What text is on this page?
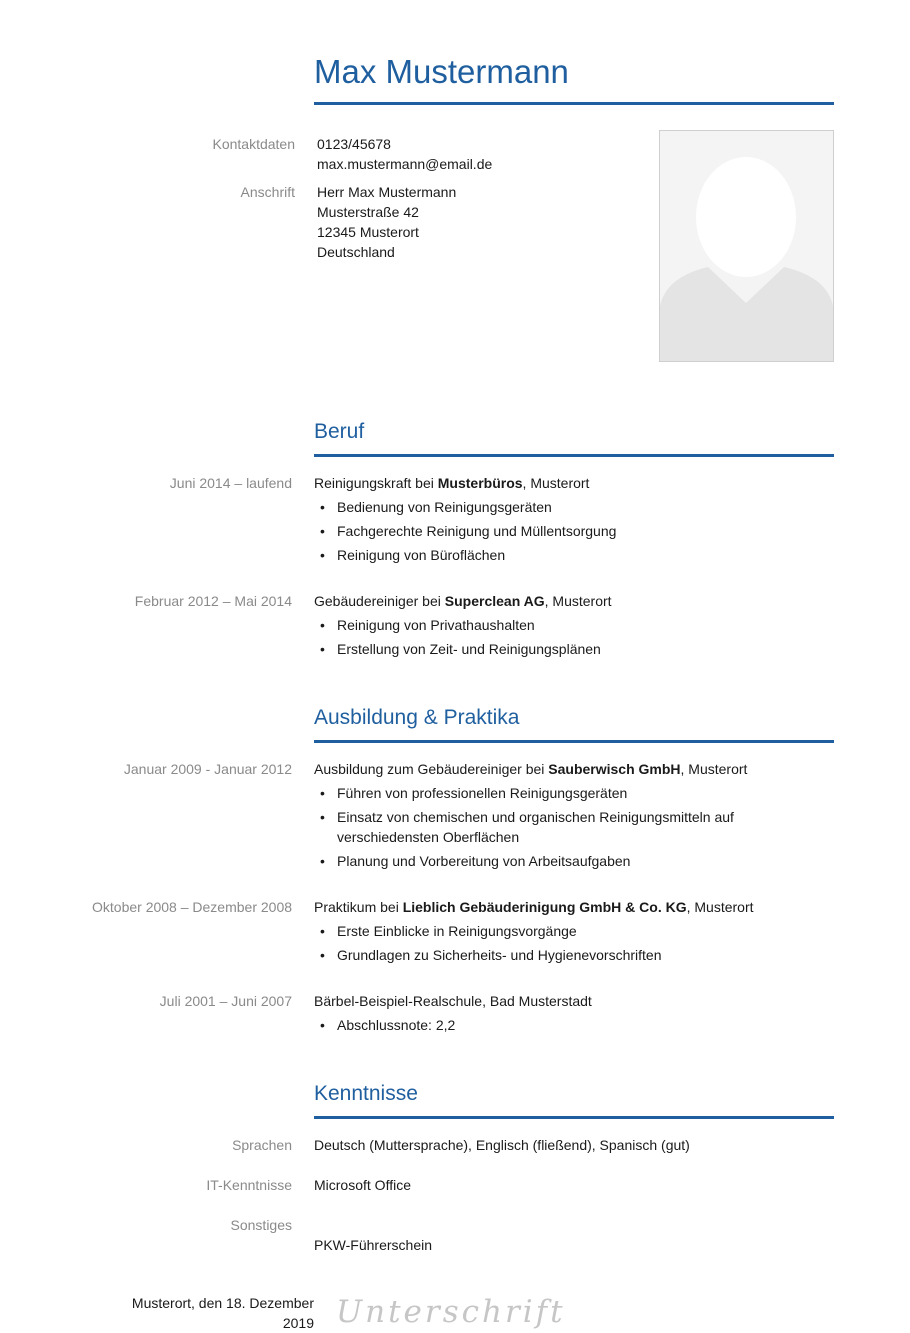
Max Mustermann
Kontaktdaten 0123/45678
max.mustermann@email.de
Anschrift Herr Max Mustermann
Musterstraße 42
12345 Musterort
Deutschland
Beruf
Juni 2014 – laufend Reinigungskraft bei Musterbüros, Musterort
• Bedienung von Reinigungsgeräten
• Fachgerechte Reinigung und Müllentsorgung
• Reinigung von Büroflächen
Februar 2012 – Mai 2014 Gebäudereiniger bei Superclean AG, Musterort
• Reinigung von Privathaushalten
• Erstellung von Zeit- und Reinigungsplänen
Ausbildung & Praktika
Januar 2009 - Januar 2012 Ausbildung zum Gebäudereiniger bei Sauberwisch GmbH, Musterort
• Führen von professionellen Reinigungsgeräten
• Einsatz von chemischen und organischen Reinigungsmitteln auf verschiedensten Oberflächen
• Planung und Vorbereitung von Arbeitsaufgaben
Oktober 2008 – Dezember 2008 Praktikum bei Lieblich Gebäuderinigung GmbH & Co. KG, Musterort
• Erste Einblicke in Reinigungsvorgänge
• Grundlagen zu Sicherheits- und Hygienevorschriften
Juli 2001 – Juni 2007 Bärbel-Beispiel-Realschule, Bad Musterstadt
• Abschlussnote: 2,2
Kenntnisse
Sprachen Deutsch (Muttersprache), Englisch (fließend), Spanisch (gut)
IT-Kenntnisse Microsoft Office
Sonstiges
PKW-Führerschein
Musterort, den 18. Dezember 2019 Unterschrift
